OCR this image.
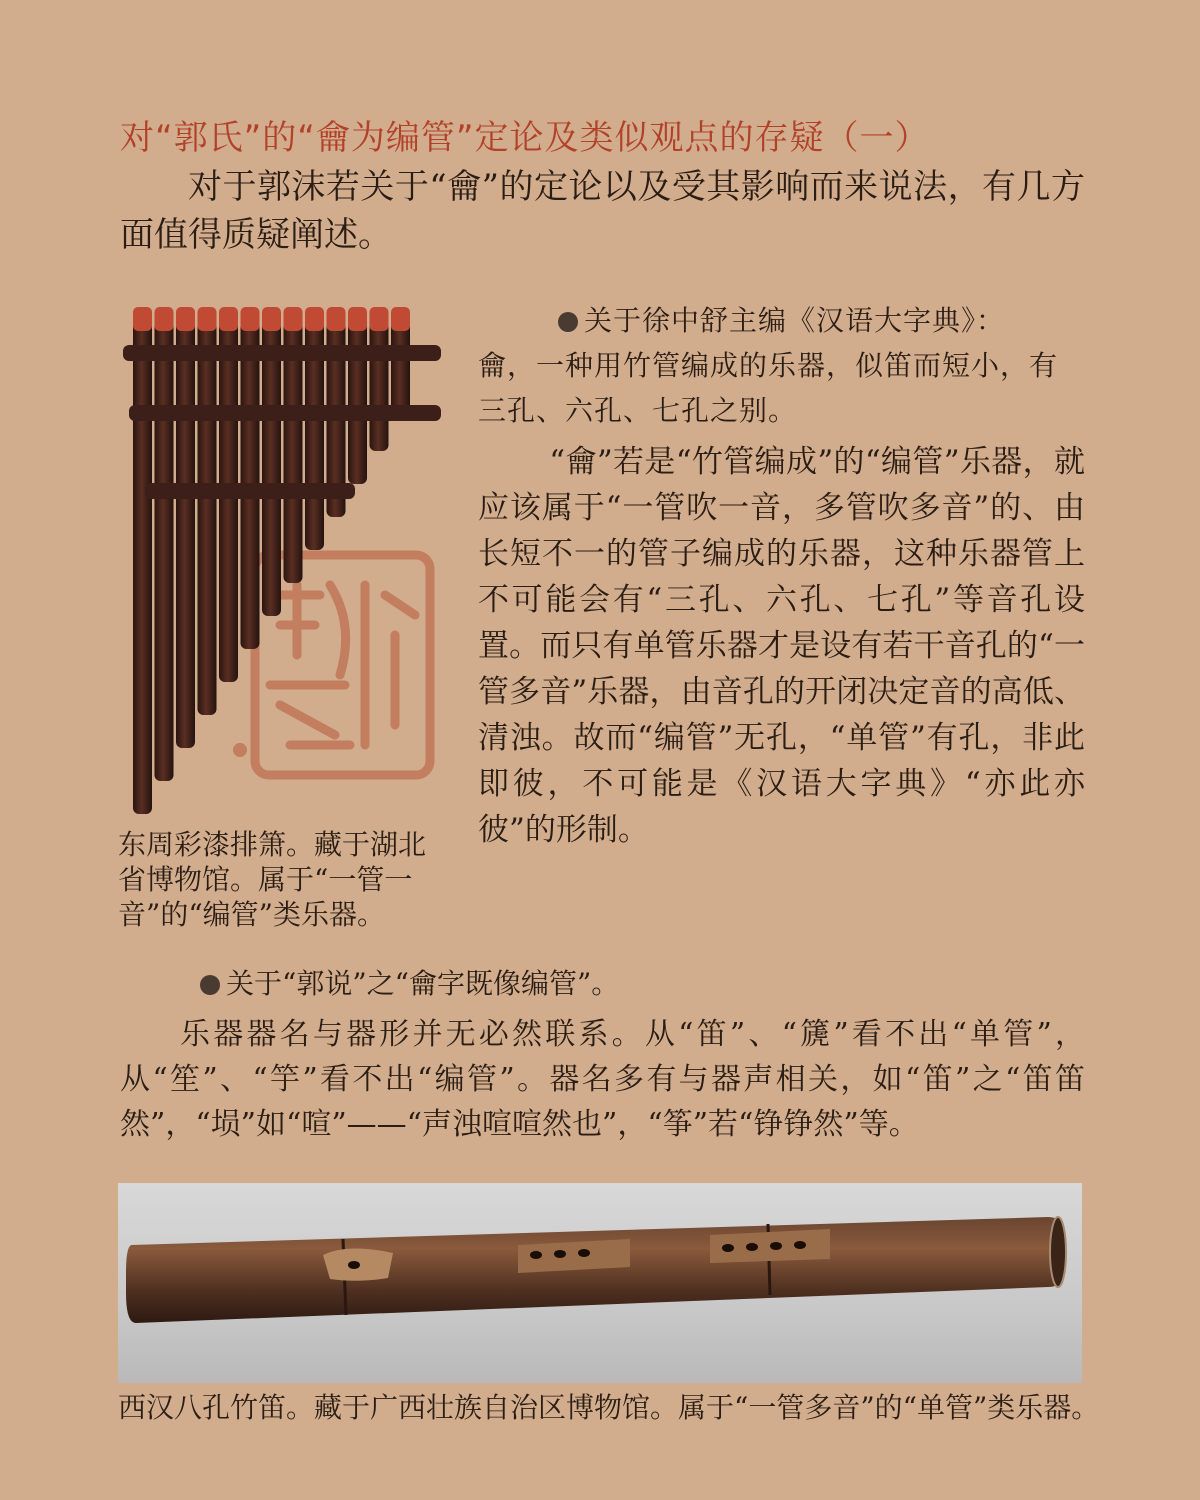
对“郭氏”的“龠为编管”定论及类似观点的存疑（一）
对于郭沫若关于“龠”的定论以及受其影响而来说法，有几方面值得质疑阐述。
东周彩漆排箫。藏于湖北省博物馆。属于“一管一音”的“编管”类乐器。

关于徐中舒主编《汉语大字典》：
龠，一种用竹管编成的乐器，似笛而短小，有三孔、六孔、七孔之别。

“龠”若是“竹管编成”的“编管”乐器，就应该属于“一管吹一音，多管吹多音”的、由长短不一的管子编成的乐器，这种乐器管上不可能会有“三孔、六孔、七孔”等音孔设置。而只有单管乐器才是设有若干音孔的“一管多音”乐器，由音孔的开闭决定音的高低、清浊。故而“编管”无孔，“单管”有孔，非此即彼，不可能是《汉语大字典》“亦此亦彼”的形制。

关于“郭说”之“龠字既像编管”。
乐器器名与器形并无必然联系。从“笛”、“篪”看不出“单管”，从“笙”、“竽”看不出“编管”。器名多有与器声相关，如“笛”之“笛笛然”，“埙”如“喧”——“声浊喧喧然也”，“筝”若“铮铮然”等。
西汉八孔竹笛。藏于广西壮族自治区博物馆。属于“一管多音”的“单管”类乐器。
